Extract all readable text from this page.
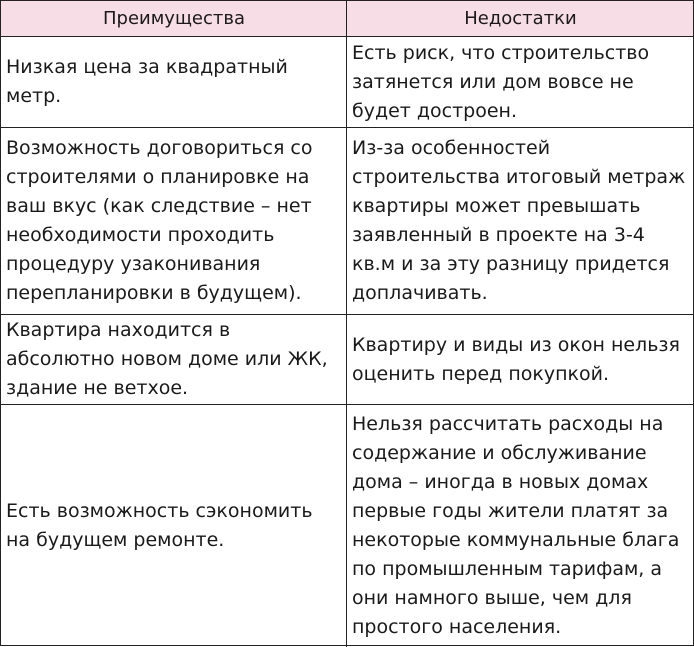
Преимущества	Недостатки
Низкая цена за квадратный метр.
Есть риск, что строительство затянется или дом вовсе не будет достроен.
Возможность договориться со строителями о планировке на ваш вкус (как следствие – нет необходимости проходить процедуру узаконивания перепланировки в будущем).
Из-за особенностей строительства итоговый метраж квартиры может превышать заявленный в проекте на 3-4 кв.м и за эту разницу придется доплачивать.
Квартира находится в абсолютно новом доме или ЖК, здание не ветхое.
Квартиру и виды из окон нельзя оценить перед покупкой.
Есть возможность сэкономить на будущем ремонте.
Нельзя рассчитать расходы на содержание и обслуживание дома – иногда в новых домах первые годы жители платят за некоторые коммунальные блага по промышленным тарифам, а они намного выше, чем для простого населения.
